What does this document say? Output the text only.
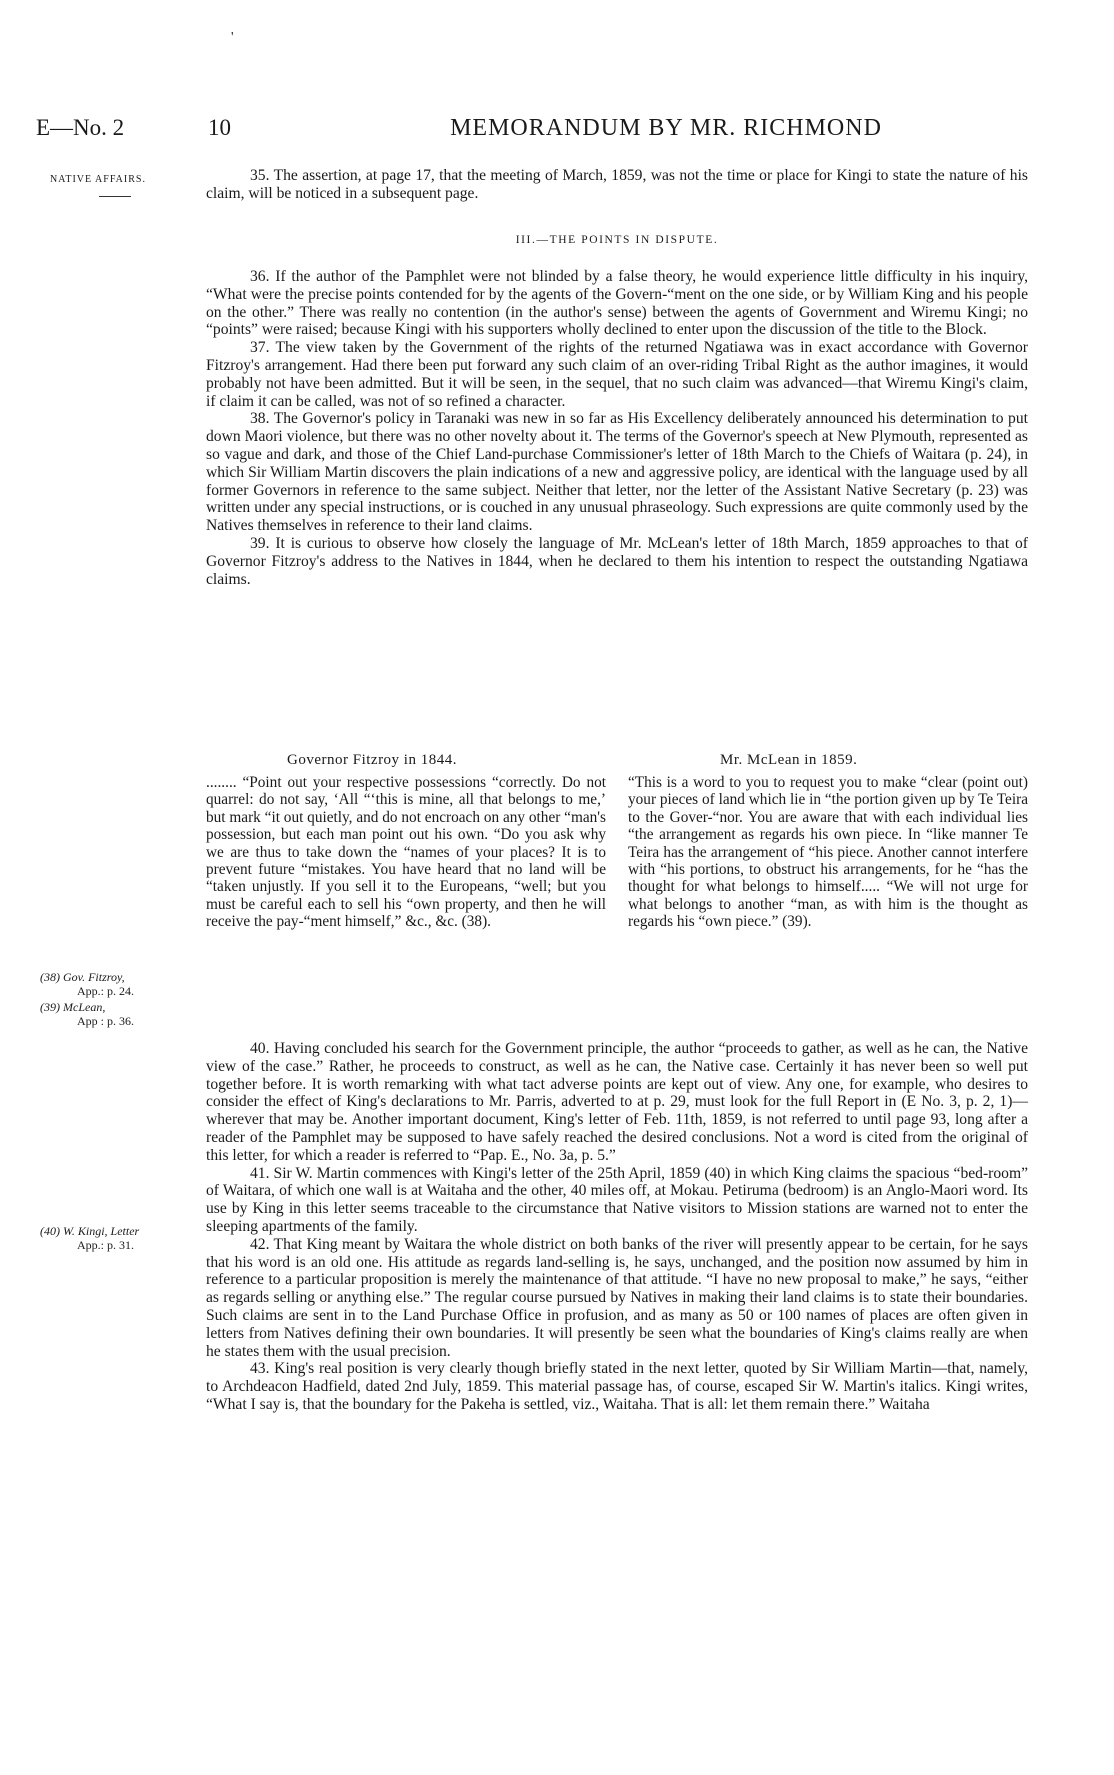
'
E—No. 2	10	MEMORANDUM BY MR. RICHMOND
NATIVE AFFAIRS.	35. The assertion, at page 17, that the meeting of March, 1859, was not the time or place for Kingi to state the nature of his claim, will be noticed in a subsequent page.
III.—THE POINTS IN DISPUTE.
36. If the author of the Pamphlet were not blinded by a false theory, he would experience little difficulty in his inquiry, “What were the precise points contended for by the agents of the Govern-“ment on the one side, or by William King and his people on the other.” There was really no contention (in the author's sense) between the agents of Government and Wiremu Kingi; no “points” were raised; because Kingi with his supporters wholly declined to enter upon the discussion of the title to the Block.
37. The view taken by the Government of the rights of the returned Ngatiawa was in exact accordance with Governor Fitzroy's arrangement. Had there been put forward any such claim of an over-riding Tribal Right as the author imagines, it would probably not have been admitted. But it will be seen, in the sequel, that no such claim was advanced—that Wiremu Kingi's claim, if claim it can be called, was not of so refined a character.
38. The Governor's policy in Taranaki was new in so far as His Excellency deliberately announced his determination to put down Maori violence, but there was no other novelty about it. The terms of the Governor's speech at New Plymouth, represented as so vague and dark, and those of the Chief Land-purchase Commissioner's letter of 18th March to the Chiefs of Waitara (p. 24), in which Sir William Martin discovers the plain indications of a new and aggressive policy, are identical with the language used by all former Governors in reference to the same subject. Neither that letter, nor the letter of the Assistant Native Secretary (p. 23) was written under any special instructions, or is couched in any unusual phraseology. Such expressions are quite commonly used by the Natives themselves in reference to their land claims.
39. It is curious to observe how closely the language of Mr. McLean's letter of 18th March, 1859 approaches to that of Governor Fitzroy's address to the Natives in 1844, when he declared to them his intention to respect the outstanding Ngatiawa claims.
Governor Fitzroy in 1844.	Mr. McLean in 1859.
........ “Point out your respective possessions “correctly. Do not quarrel: do not say, ‘All “‘this is mine, all that belongs to me,’ but mark “it out quietly, and do not encroach on any other “man's possession, but each man point out his own. “Do you ask why we are thus to take down the “names of your places? It is to prevent future “mistakes. You have heard that no land will be “taken unjustly. If you sell it to the Europeans, “well; but you must be careful each to sell his “own property, and then he will receive the pay-“ment himself,” &c., &c. (38).
“This is a word to you to request you to make “clear (point out) your pieces of land which lie in “the portion given up by Te Teira to the Gover-“nor. You are aware that with each individual lies “the arrangement as regards his own piece. In “like manner Te Teira has the arrangement of “his piece. Another cannot interfere with “his portions, to obstruct his arrangements, for he “has the thought for what belongs to himself..... “We will not urge for what belongs to another “man, as with him is the thought as regards his “own piece.” (39).
(38) Gov. Fitzroy,
App.: p. 24.
(39) McLean,
App : p. 36.
(40) W. Kingi, Letter
App.: p. 31.
40. Having concluded his search for the Government principle, the author “proceeds to gather, as well as he can, the Native view of the case.” Rather, he proceeds to construct, as well as he can, the Native case. Certainly it has never been so well put together before. It is worth remarking with what tact adverse points are kept out of view. Any one, for example, who desires to consider the effect of King's declarations to Mr. Parris, adverted to at p. 29, must look for the full Report in (E No. 3, p. 2, 1)—wherever that may be. Another important document, King's letter of Feb. 11th, 1859, is not referred to until page 93, long after a reader of the Pamphlet may be supposed to have safely reached the desired conclusions. Not a word is cited from the original of this letter, for which a reader is referred to “Pap. E., No. 3a, p. 5.”
41. Sir W. Martin commences with Kingi's letter of the 25th April, 1859 (40) in which King claims the spacious “bed-room” of Waitara, of which one wall is at Waitaha and the other, 40 miles off, at Mokau. Petiruma (bedroom) is an Anglo-Maori word. Its use by King in this letter seems traceable to the circumstance that Native visitors to Mission stations are warned not to enter the sleeping apartments of the family.
42. That King meant by Waitara the whole district on both banks of the river will presently appear to be certain, for he says that his word is an old one. His attitude as regards land-selling is, he says, unchanged, and the position now assumed by him in reference to a particular proposition is merely the maintenance of that attitude. “I have no new proposal to make,” he says, “either as regards selling or anything else.” The regular course pursued by Natives in making their land claims is to state their boundaries. Such claims are sent in to the Land Purchase Office in profusion, and as many as 50 or 100 names of places are often given in letters from Natives defining their own boundaries. It will presently be seen what the boundaries of King's claims really are when he states them with the usual precision.
43. King's real position is very clearly though briefly stated in the next letter, quoted by Sir William Martin—that, namely, to Archdeacon Hadfield, dated 2nd July, 1859. This material passage has, of course, escaped Sir W. Martin's italics. Kingi writes, “What I say is, that the boundary for the Pakeha is settled, viz., Waitaha. That is all: let them remain there.” Waitaha
